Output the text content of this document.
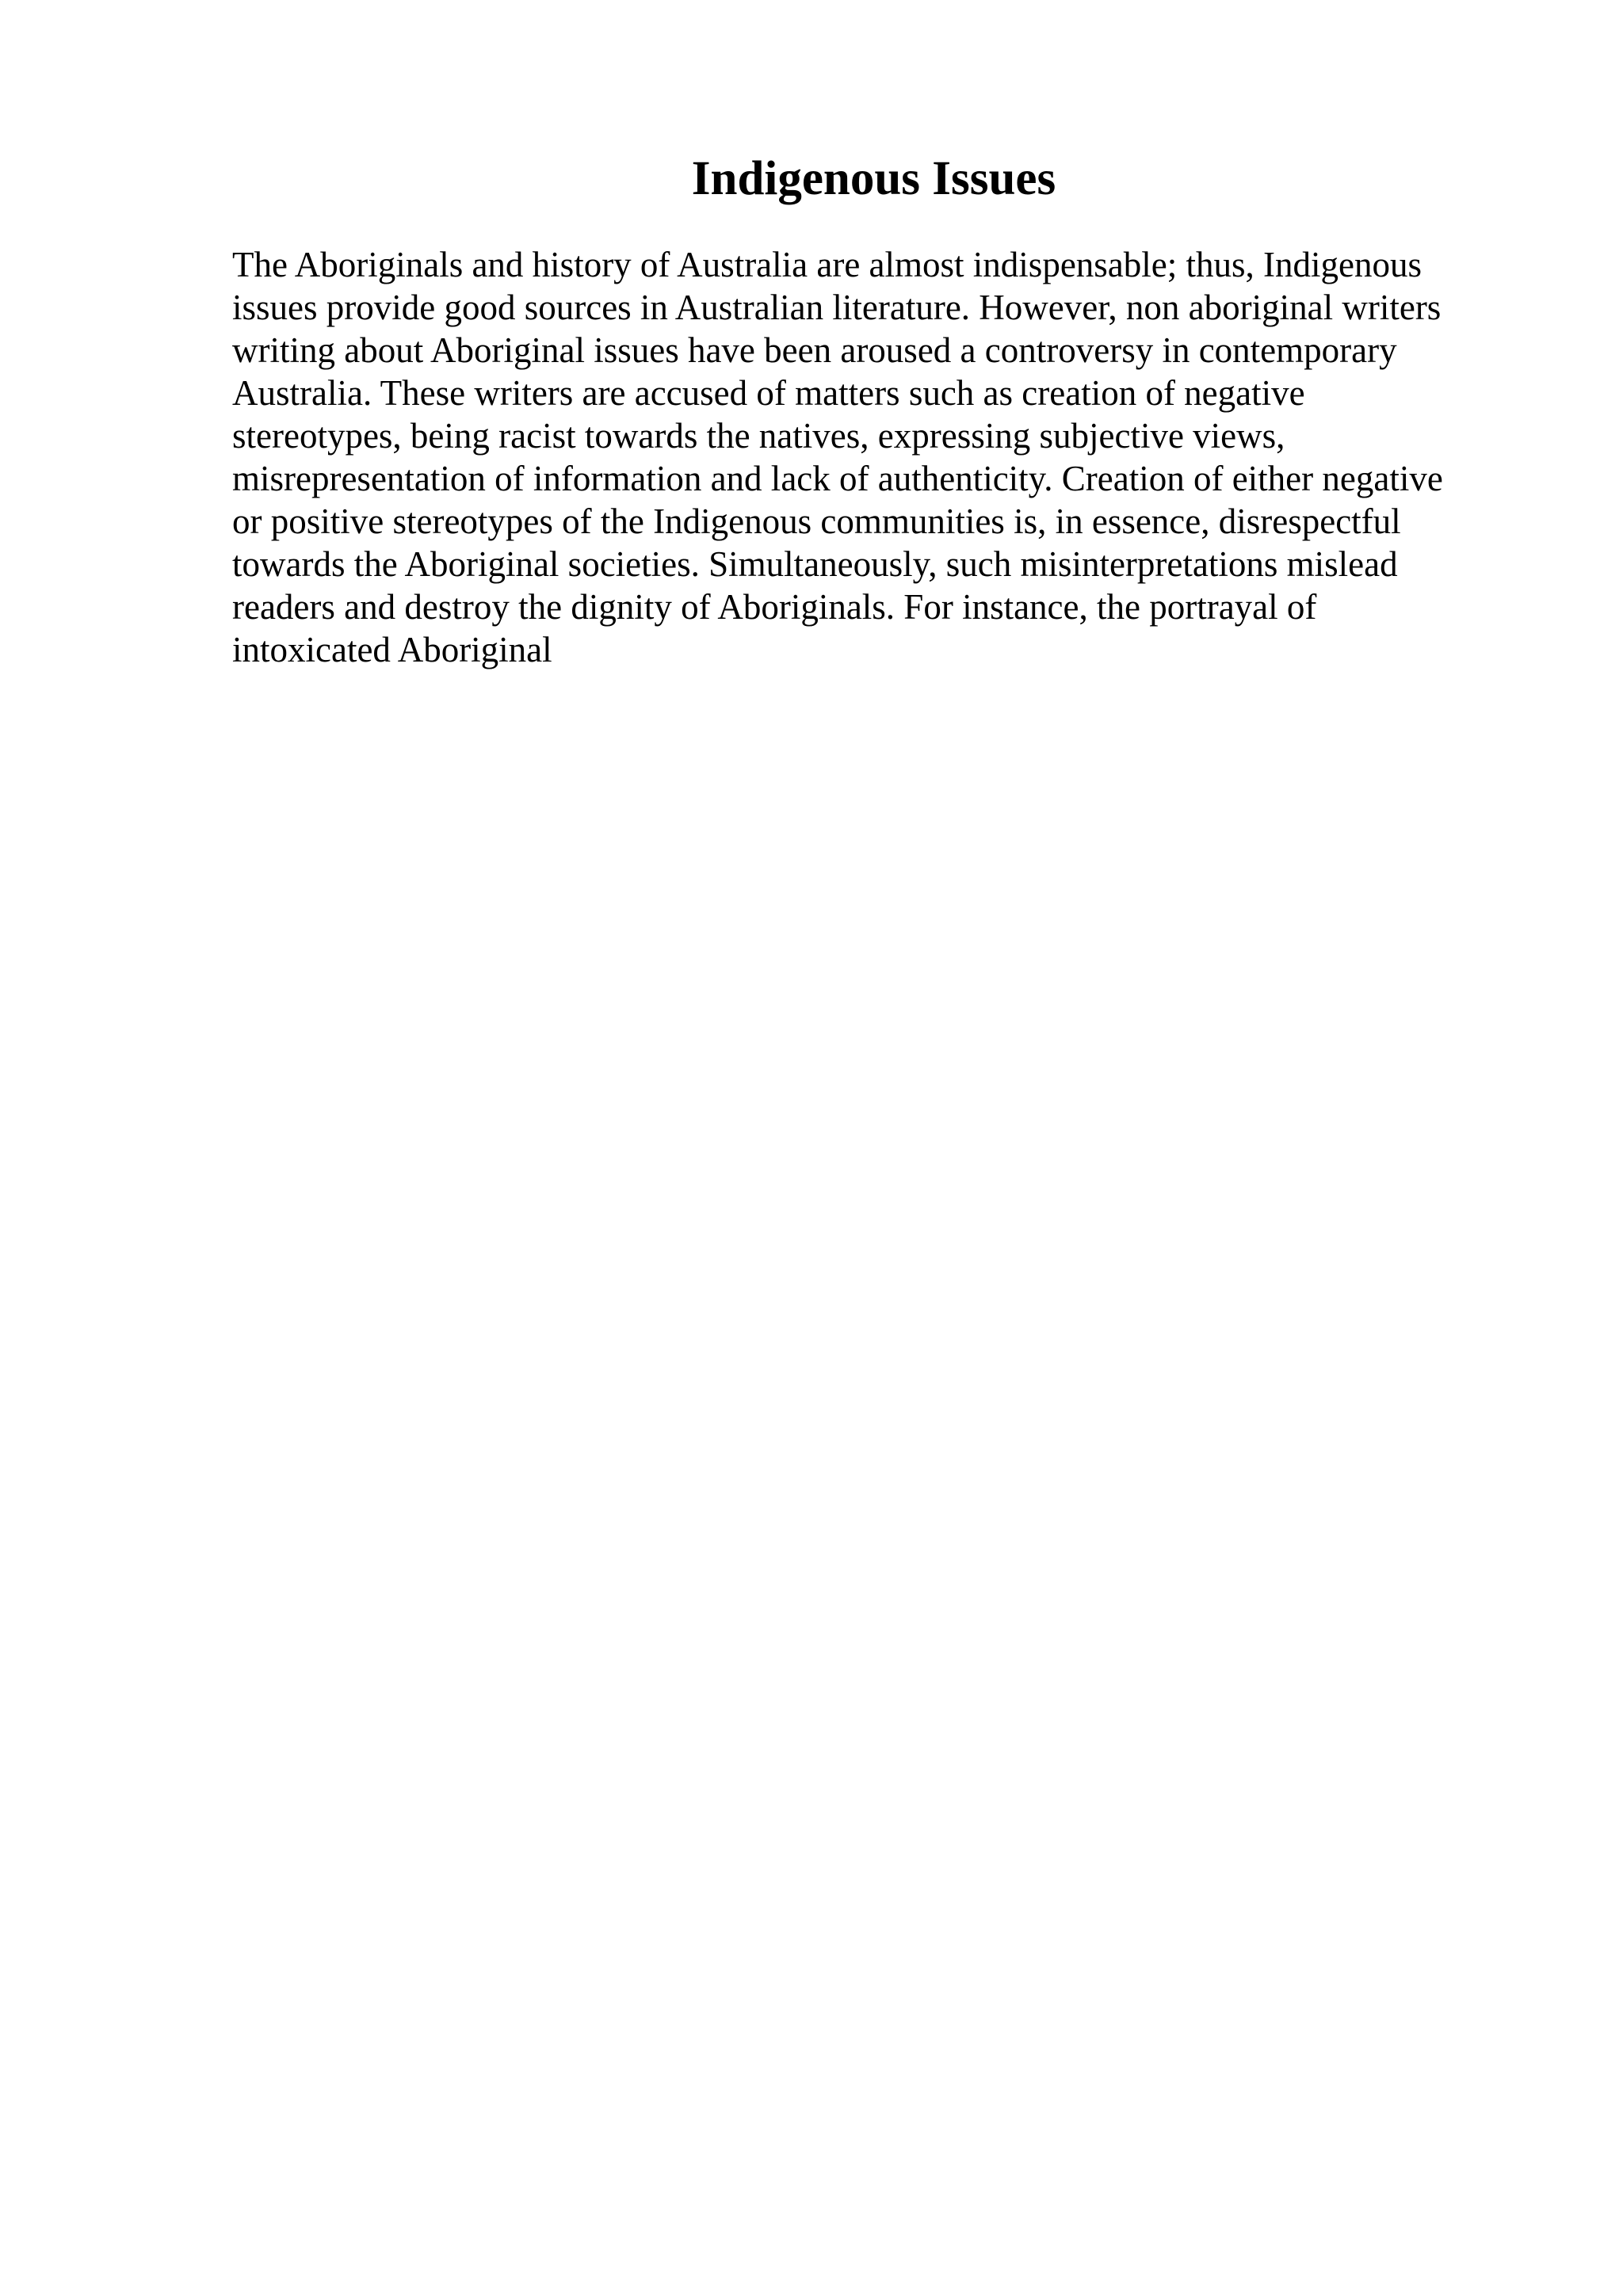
Indigenous Issues
The Aboriginals and history of Australia are almost indispensable; thus, Indigenous
issues provide good sources in Australian literature. However, non aboriginal writers
writing about Aboriginal issues have been aroused a controversy in contemporary
Australia. These writers are accused of matters such as creation of negative
stereotypes, being racist towards the natives, expressing subjective views,
misrepresentation of information and lack of authenticity. Creation of either negative
or positive stereotypes of the Indigenous communities is, in essence, disrespectful
towards the Aboriginal societies. Simultaneously, such misinterpretations mislead
readers and destroy the dignity of Aboriginals. For instance, the portrayal of
intoxicated Aboriginal
